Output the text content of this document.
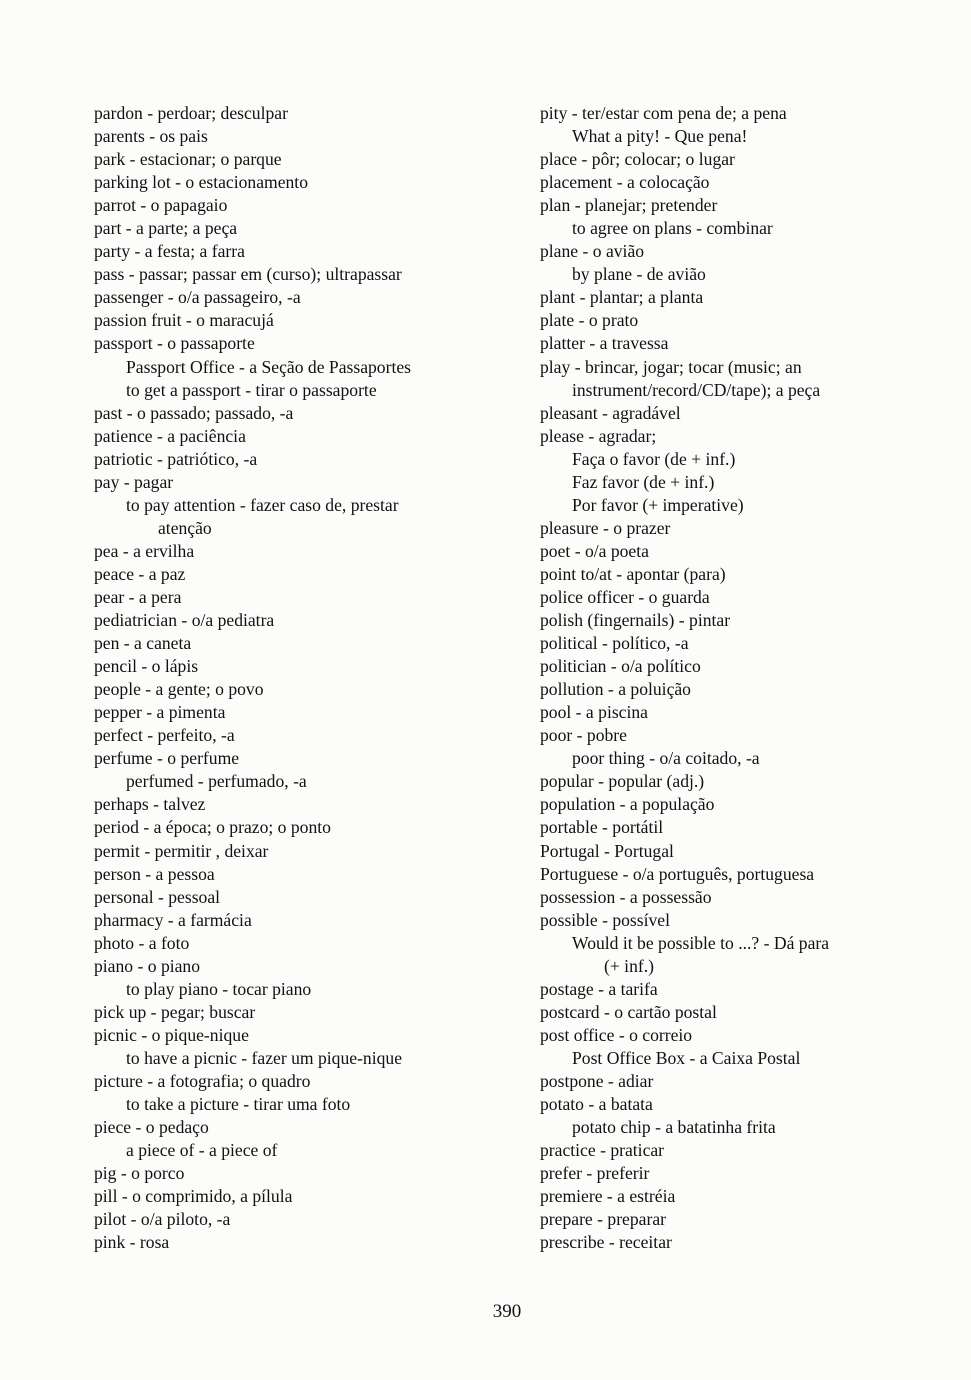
pardon - perdoar; desculpar
parents - os pais
park - estacionar; o parque
parking lot - o estacionamento
parrot - o papagaio
part - a parte; a peça
party - a festa; a farra
pass - passar; passar em (curso); ultrapassar
passenger - o/a passageiro, -a
passion fruit - o maracujá
passport - o passaporte
Passport Office - a Seção de Passaportes
to get a passport - tirar o passaporte
past - o passado; passado, -a
patience - a paciência
patriotic - patriótico, -a
pay - pagar
to pay attention - fazer caso de, prestar
atenção
pea - a ervilha
peace - a paz
pear - a pera
pediatrician - o/a pediatra
pen - a caneta
pencil - o lápis
people - a gente; o povo
pepper - a pimenta
perfect - perfeito, -a
perfume - o perfume
perfumed - perfumado, -a
perhaps - talvez
period - a época; o prazo; o ponto
permit - permitir , deixar
person - a pessoa
personal - pessoal
pharmacy - a farmácia
photo - a foto
piano - o piano
to play piano - tocar piano
pick up - pegar; buscar
picnic - o pique-nique
to have a picnic - fazer um pique-nique
picture - a fotografia; o quadro
to take a picture - tirar uma foto
piece - o pedaço
a piece of - a piece of
pig - o porco
pill - o comprimido, a pílula
pilot - o/a piloto, -a
pink - rosa
pity - ter/estar com pena de; a pena
What a pity! - Que pena!
place - pôr; colocar; o lugar
placement - a colocação
plan - planejar; pretender
to agree on plans - combinar
plane - o avião
by plane - de avião
plant - plantar; a planta
plate - o prato
platter - a travessa
play - brincar, jogar; tocar (music; an
instrument/record/CD/tape); a peça
pleasant - agradável
please - agradar;
Faça o favor (de + inf.)
Faz favor (de + inf.)
Por favor (+ imperative)
pleasure - o prazer
poet - o/a poeta
point to/at - apontar (para)
police officer - o guarda
polish (fingernails) - pintar
political - político, -a
politician - o/a político
pollution - a poluição
pool - a piscina
poor - pobre
poor thing - o/a coitado, -a
popular - popular (adj.)
population - a população
portable - portátil
Portugal - Portugal
Portuguese - o/a português, portuguesa
possession - a possessão
possible - possível
Would it be possible to ...? - Dá para
(+ inf.)
postage - a tarifa
postcard - o cartão postal
post office - o correio
Post Office Box - a Caixa Postal
postpone - adiar
potato - a batata
potato chip - a batatinha frita
practice - praticar
prefer - preferir
premiere - a estréia
prepare - preparar
prescribe - receitar
390
